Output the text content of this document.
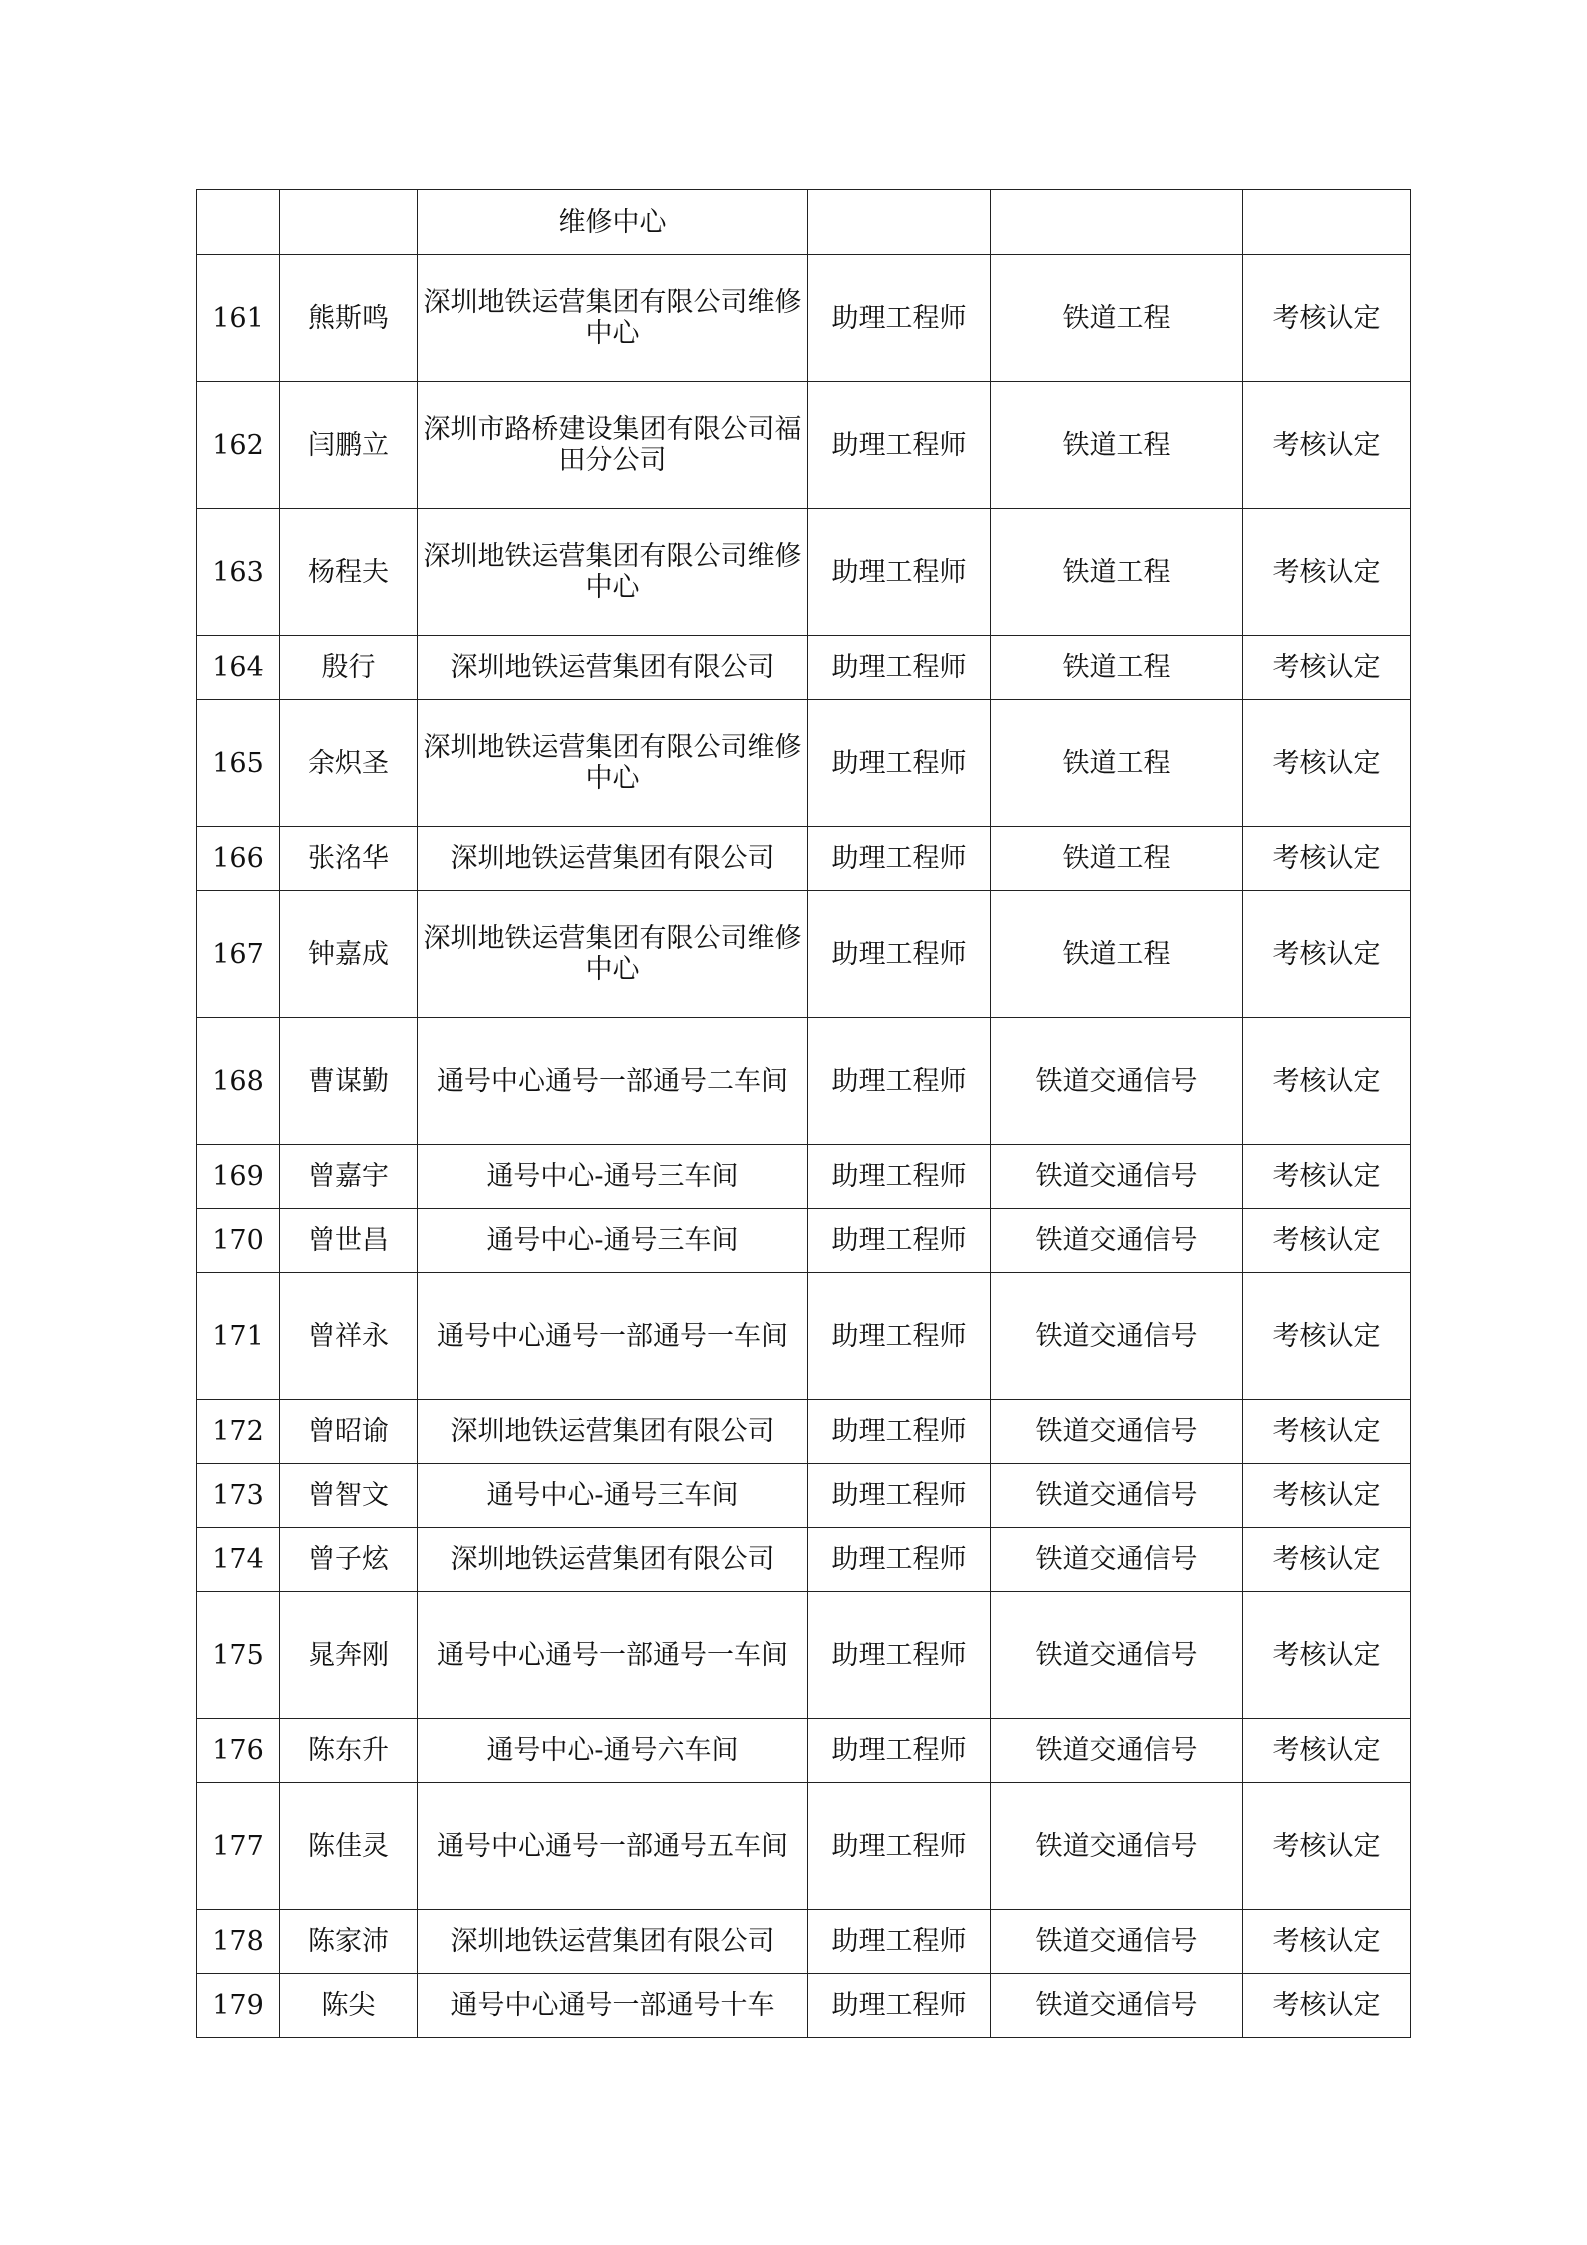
		维修中心			
161	熊斯鸣	深圳地铁运营集团有限公司维修中心	助理工程师	铁道工程	考核认定
162	闫鹏立	深圳市路桥建设集团有限公司福田分公司	助理工程师	铁道工程	考核认定
163	杨程夫	深圳地铁运营集团有限公司维修中心	助理工程师	铁道工程	考核认定
164	殷行	深圳地铁运营集团有限公司	助理工程师	铁道工程	考核认定
165	余炽圣	深圳地铁运营集团有限公司维修中心	助理工程师	铁道工程	考核认定
166	张洺华	深圳地铁运营集团有限公司	助理工程师	铁道工程	考核认定
167	钟嘉成	深圳地铁运营集团有限公司维修中心	助理工程师	铁道工程	考核认定
168	曹谋勤	通号中心通号一部通号二车间	助理工程师	铁道交通信号	考核认定
169	曾嘉宇	通号中心-通号三车间	助理工程师	铁道交通信号	考核认定
170	曾世昌	通号中心-通号三车间	助理工程师	铁道交通信号	考核认定
171	曾祥永	通号中心通号一部通号一车间	助理工程师	铁道交通信号	考核认定
172	曾昭谕	深圳地铁运营集团有限公司	助理工程师	铁道交通信号	考核认定
173	曾智文	通号中心-通号三车间	助理工程师	铁道交通信号	考核认定
174	曾子炫	深圳地铁运营集团有限公司	助理工程师	铁道交通信号	考核认定
175	晁奔刚	通号中心通号一部通号一车间	助理工程师	铁道交通信号	考核认定
176	陈东升	通号中心-通号六车间	助理工程师	铁道交通信号	考核认定
177	陈佳灵	通号中心通号一部通号五车间	助理工程师	铁道交通信号	考核认定
178	陈家沛	深圳地铁运营集团有限公司	助理工程师	铁道交通信号	考核认定
179	陈尖	通号中心通号一部通号十车	助理工程师	铁道交通信号	考核认定
